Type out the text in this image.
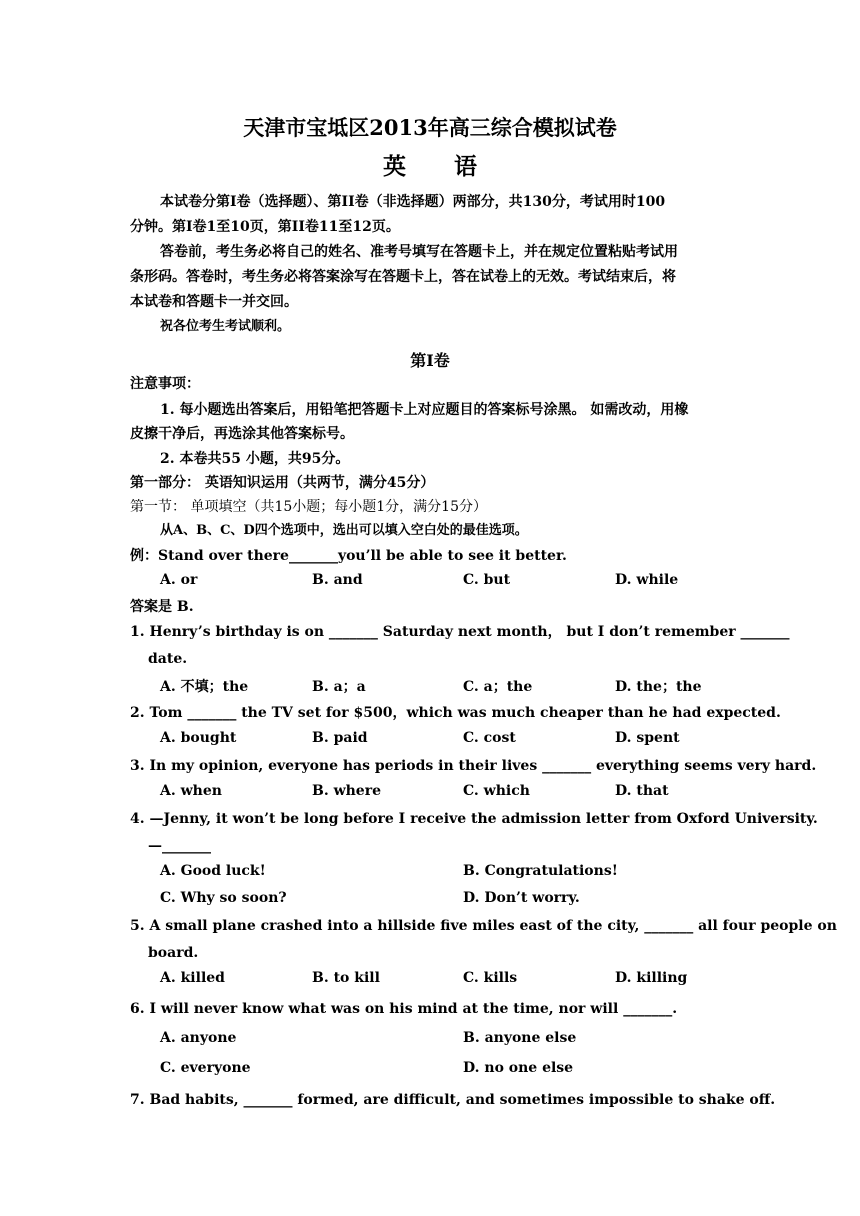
天津市宝坻区2013年高三综合模拟试卷
英 语
本试卷分第I卷（选择题）、第II卷（非选择题）两部分，共130分，考试用时100
分钟。第I卷1至10页，第II卷11至12页。
答卷前，考生务必将自己的姓名、准考号填写在答题卡上，并在规定位置粘贴考试用
条形码。答卷时，考生务必将答案涂写在答题卡上，答在试卷上的无效。考试结束后，将
本试卷和答题卡一并交回。
祝各位考生考试顺利。
第Ⅰ卷
注意事项：
1. 每小题选出答案后，用铅笔把答题卡上对应题目的答案标号涂黑。 如需改动，用橡
皮擦干净后，再选涂其他答案标号。
2. 本卷共55 小题，共95分。
第一部分： 英语知识运用（共两节，满分45分）
第一节： 单项填空（共15小题；每小题1分，满分15分）
从A、B、C、D四个选项中，选出可以填入空白处的最佳选项。
例：Stand over there_______you’ll be able to see it better.
A. or	B. and	C. but	D. while
答案是 B.
1. Henry’s birthday is on _______ Saturday next month， but I don’t remember _______
date.
A. 不填；the	B. a；a	C. a；the	D. the；the
2. Tom _______ the TV set for $500，which was much cheaper than he had expected.
A. bought	B. paid	C. cost	D. spent
3. In my opinion, everyone has periods in their lives _______ everything seems very hard.
A. when	B. where	C. which	D. that
4. —Jenny, it won’t be long before I receive the admission letter from Oxford University.
—_______
A. Good luck!	B. Congratulations!
C. Why so soon?	D. Don’t worry.
5. A small plane crashed into a hillside five miles east of the city, _______ all four people on
board.
A. killed	B. to kill	C. kills	D. killing
6. I will never know what was on his mind at the time, nor will _______.
A. anyone	B. anyone else
C. everyone	D. no one else
7. Bad habits, _______ formed, are difficult, and sometimes impossible to shake off.
